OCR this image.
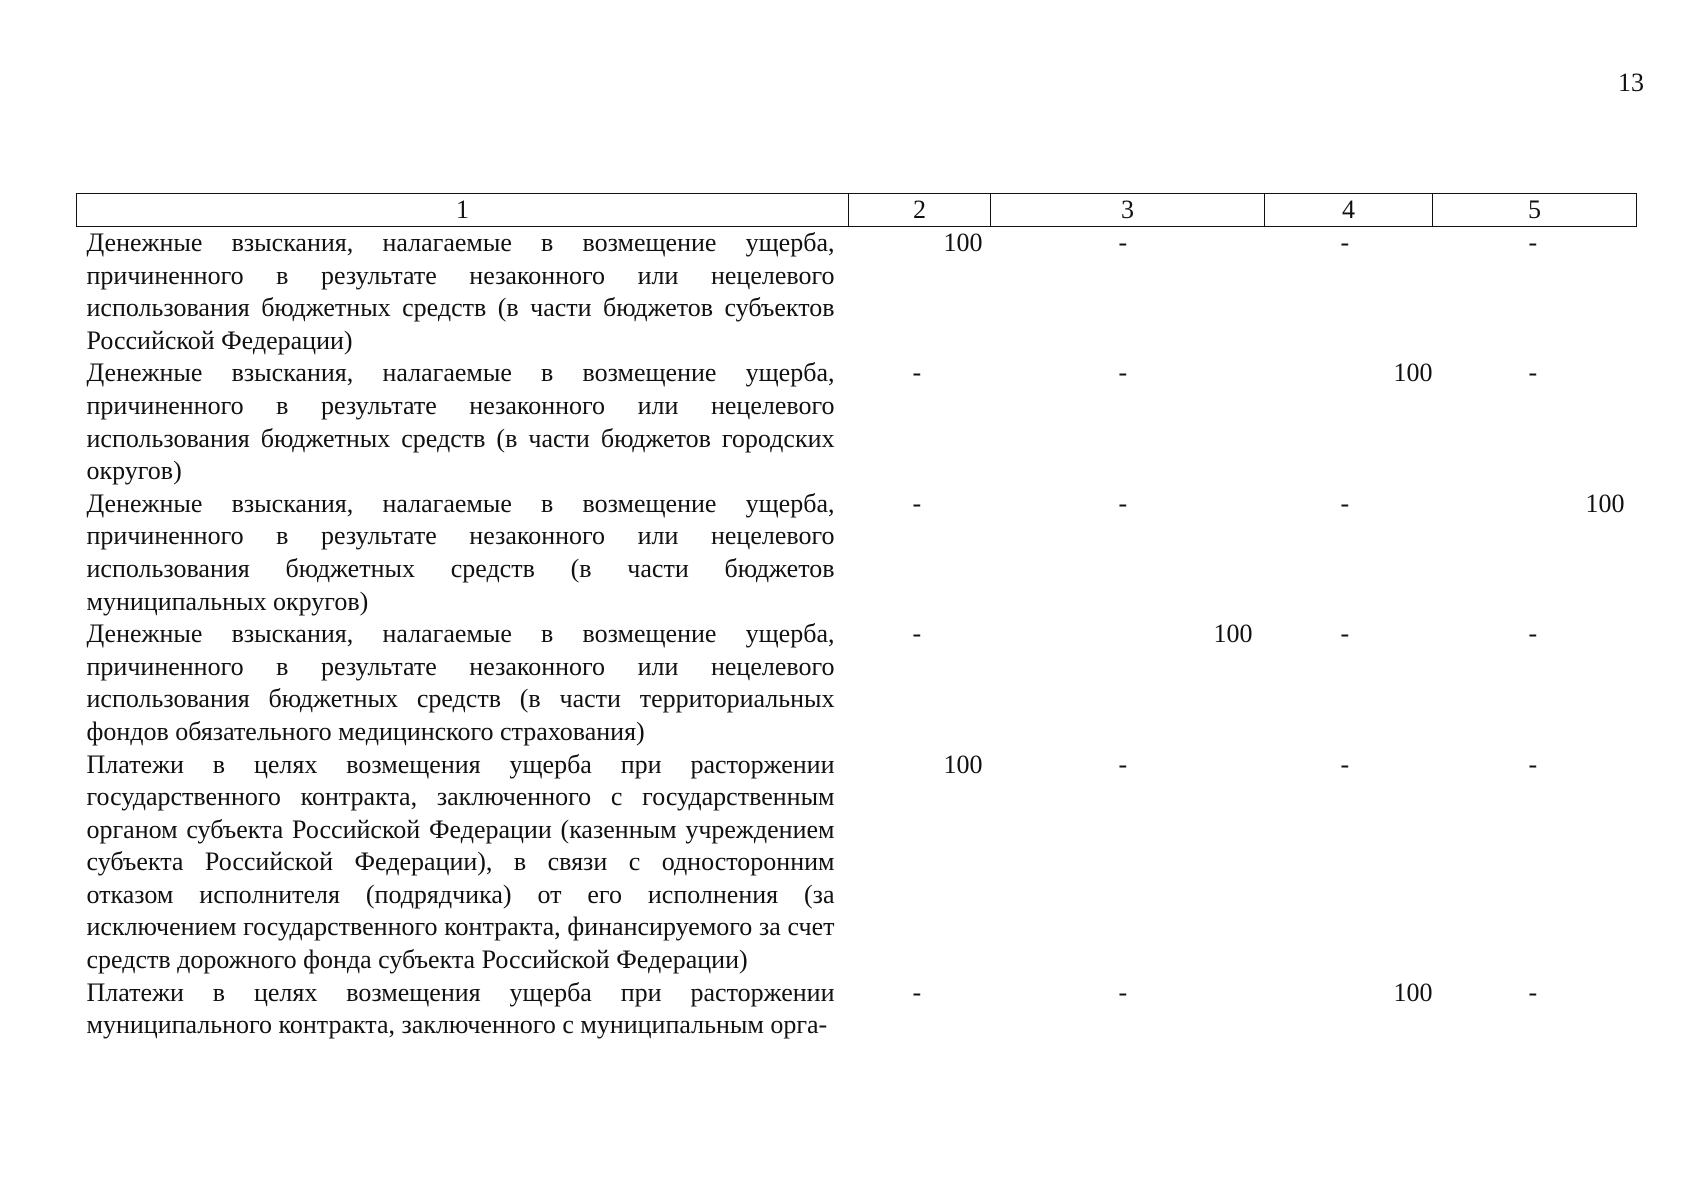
13
1	2	3	4	5
Денежные взыскания, налагаемые в возмещение ущерба, причиненного в результате незаконного или нецелевого использования бюджетных средств (в части бюджетов субъектов Российской Федерации)	100	-	-	-
Денежные взыскания, налагаемые в возмещение ущерба, причиненного в результате незаконного или нецелевого использования бюджетных средств (в части бюджетов городских округов)	-	-	100	-
Денежные взыскания, налагаемые в возмещение ущерба, причиненного в результате незаконного или нецелевого использования бюджетных средств (в части бюджетов муниципальных округов)	-	-	-	100
Денежные взыскания, налагаемые в возмещение ущерба, причиненного в результате незаконного или нецелевого использования бюджетных средств (в части территориальных фондов обязательного медицинского страхования)	-	100	-	-
Платежи в целях возмещения ущерба при расторжении государственного контракта, заключенного с государственным органом субъекта Российской Федерации (казенным учреждением субъекта Российской Федерации), в связи с односторонним отказом исполнителя (подрядчика) от его исполнения (за исключением государственного контракта, финансируемого за счет средств дорожного фонда субъекта Российской Федерации)	100	-	-	-
Платежи в целях возмещения ущерба при расторжении муниципального контракта, заключенного с муниципальным орга-	-	-	100	-
